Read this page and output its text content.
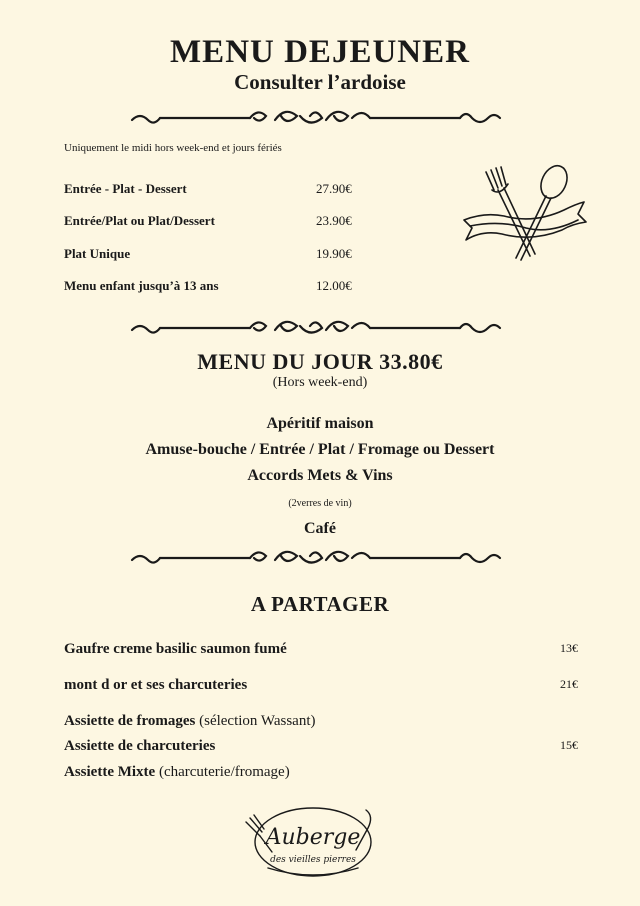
MENU DEJEUNER
Consulter l’ardoise
Uniquement le midi hors week-end et jours fériés
Entrée - Plat - Dessert	27.90€
Entrée/Plat ou Plat/Dessert	23.90€
Plat Unique	19.90€
Menu enfant jusqu’à 13 ans	12.00€
MENU DU JOUR 33.80€
(Hors week-end)
Apéritif maison
Amuse-bouche / Entrée / Plat / Fromage ou Dessert
Accords Mets & Vins
(2verres de vin)
Café
A PARTAGER
Gaufre creme basilic saumon fumé	13€
mont d or et ses charcuteries	21€
Assiette de fromages (sélection Wassant)
Assiette de charcuteries	15€
Assiette Mixte (charcuterie/fromage)
Auberge
des vieilles pierres
